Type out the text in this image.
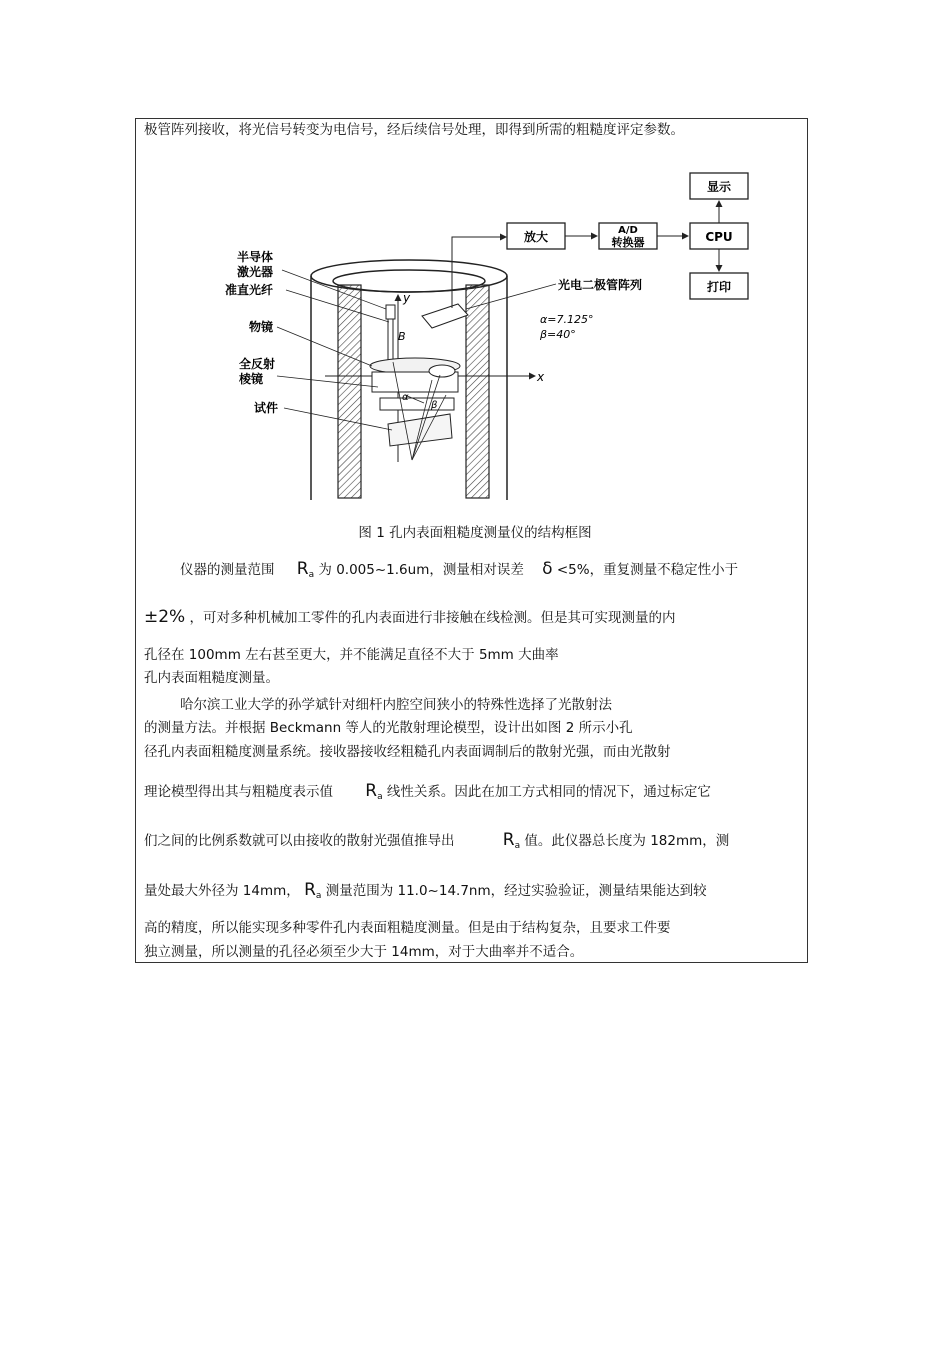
极管阵列接收，将光信号转变为电信号，经后续信号处理，即得到所需的粗糙度评定参数。
y
x
B
α
β
放大	A/D
转换器	CPU
显示
打印
半导体
激光器
准直光纤
物镜
全反射
棱镜
试件
光电二极管阵列
α=7.125°
β=40°
图 1 孔内表面粗糙度测量仪的结构框图
仪器的测量范围 $R_a$ 为 0.005~1.6um，测量相对误差 δ <5%，重复测量不稳定性小于
±2% ，可对多种机械加工零件的孔内表面进行非接触在线检测。但是其可实现测量的内
孔径在 100mm 左右甚至更大，并不能满足直径不大于 5mm 大曲率
孔内表面粗糙度测量。
哈尔滨工业大学的孙学斌针对细杆内腔空间狭小的特殊性选择了光散射法
的测量方法。并根据 Beckmann 等人的光散射理论模型，设计出如图 2 所示小孔
径孔内表面粗糙度测量系统。接收器接收经粗糙孔内表面调制后的散射光强，而由光散射
理论模型得出其与粗糙度表示值 $R_a$ 线性关系。因此在加工方式相同的情况下，通过标定它
们之间的比例系数就可以由接收的散射光强值推导出	$R_a$ 值。此仪器总长度为 182mm，测
量处最大外径为 14mm， $R_a$ 测量范围为 11.0~14.7nm，经过实验验证，测量结果能达到较
高的精度，所以能实现多种零件孔内表面粗糙度测量。但是由于结构复杂，且要求工件要
独立测量，所以测量的孔径必须至少大于 14mm，对于大曲率并不适合。
